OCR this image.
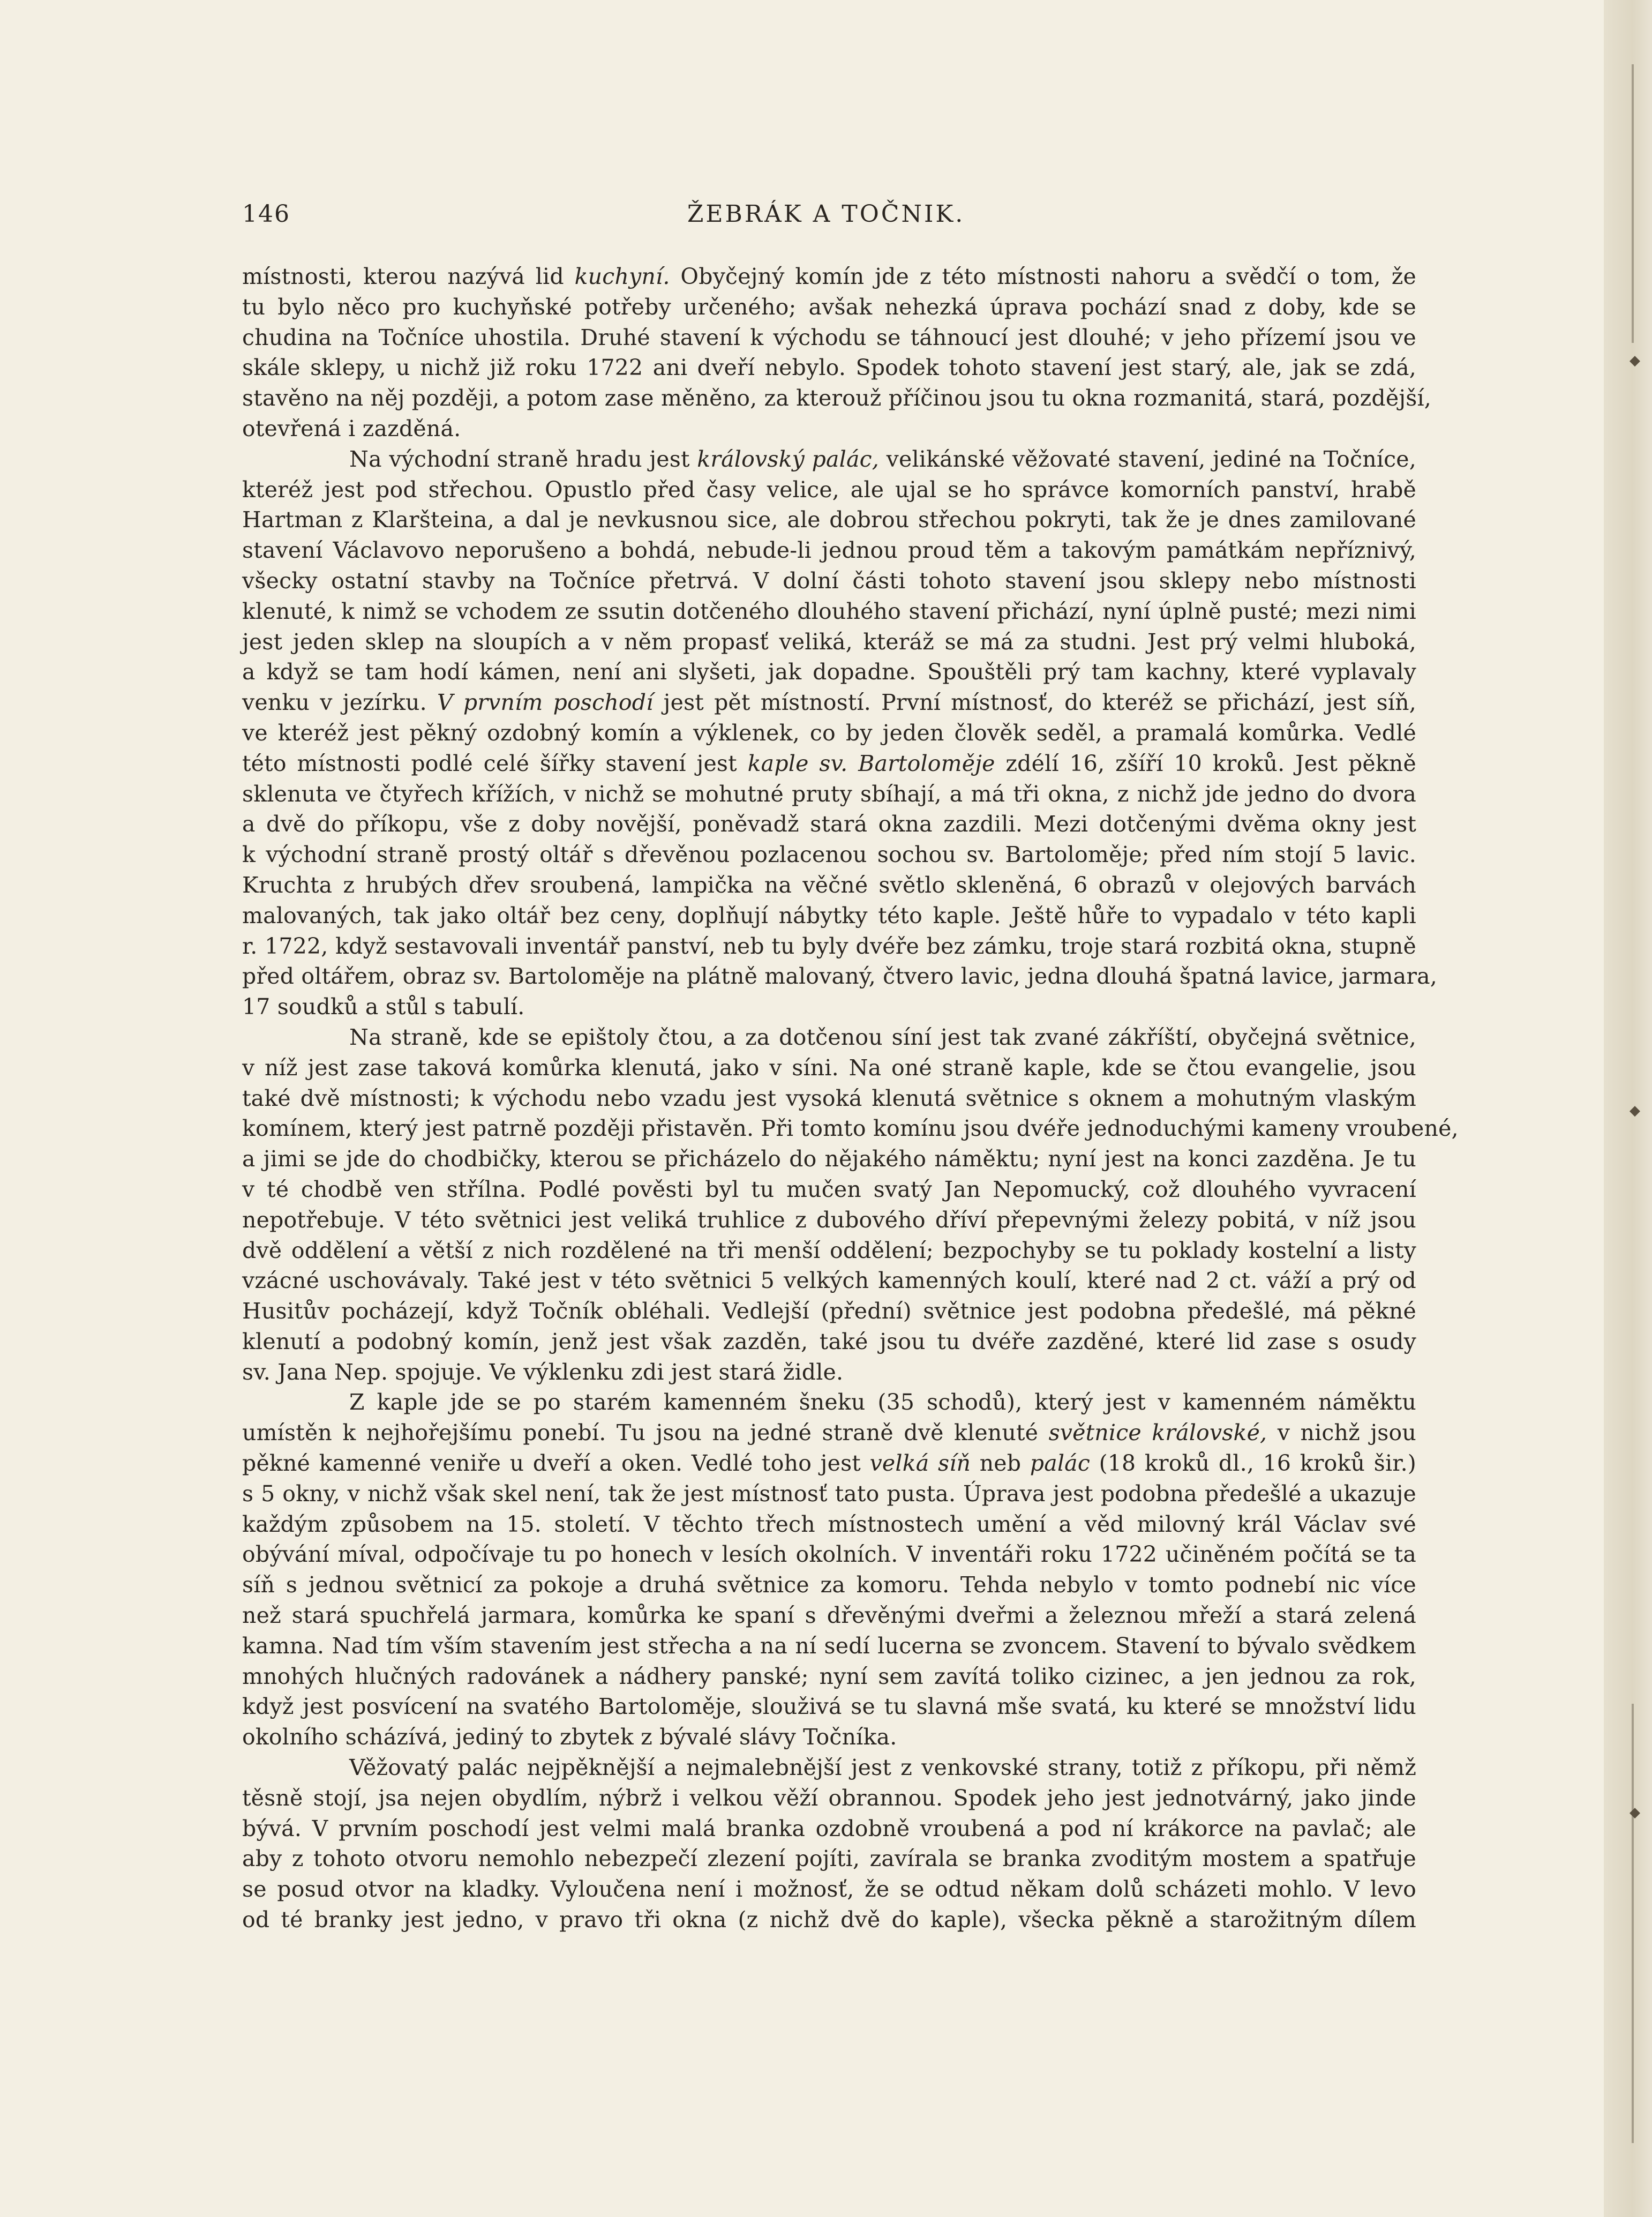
◆
◆
◆
146	ŽEBRÁK A TOČNIK.
místnosti, kterou nazývá lid kuchyní. Obyčejný komín jde z této místnosti nahoru a svědčí o tom, že
tu bylo něco pro kuchyňské potřeby určeného; avšak nehezká úprava pochází snad z doby, kde se
chudina na Točníce uhostila. Druhé stavení k východu se táhnoucí jest dlouhé; v jeho přízemí jsou ve
skále sklepy, u nichž již roku 1722 ani dveří nebylo. Spodek tohoto stavení jest starý, ale, jak se zdá,
stavěno na něj později, a potom zase měněno, za kterouž příčinou jsou tu okna rozmanitá, stará, pozdější,
otevřená i zazděná.
Na východní straně hradu jest královský palác, velikánské věžovaté stavení, jediné na Točníce,
kteréž jest pod střechou. Opustlo před časy velice, ale ujal se ho správce komorních panství, hrabě
Hartman z Klaršteina, a dal je nevkusnou sice, ale dobrou střechou pokryti, tak že je dnes zamilované
stavení Václavovo neporušeno a bohdá, nebude-li jednou proud těm a takovým památkám nepříznivý,
všecky ostatní stavby na Točníce přetrvá. V dolní části tohoto stavení jsou sklepy nebo místnosti
klenuté, k nimž se vchodem ze ssutin dotčeného dlouhého stavení přichází, nyní úplně pusté; mezi nimi
jest jeden sklep na sloupích a v něm propasť veliká, kteráž se má za studni. Jest prý velmi hluboká,
a když se tam hodí kámen, není ani slyšeti, jak dopadne. Spouštěli prý tam kachny, které vyplavaly
venku v jezírku. V prvním poschodí jest pět místností. První místnosť, do kteréž se přichází, jest síň,
ve kteréž jest pěkný ozdobný komín a výklenek, co by jeden člověk seděl, a pramalá komůrka. Vedlé
této místnosti podlé celé šířky stavení jest kaple sv. Bartoloměje zdélí 16, zšíří 10 kroků. Jest pěkně
sklenuta ve čtyřech křížích, v nichž se mohutné pruty sbíhají, a má tři okna, z nichž jde jedno do dvora
a dvě do příkopu, vše z doby novější, poněvadž stará okna zazdili. Mezi dotčenými dvěma okny jest
k východní straně prostý oltář s dřevěnou pozlacenou sochou sv. Bartoloměje; před ním stojí 5 lavic.
Kruchta z hrubých dřev sroubená, lampička na věčné světlo skleněná, 6 obrazů v olejových barvách
malovaných, tak jako oltář bez ceny, doplňují nábytky této kaple. Ještě hůře to vypadalo v této kapli
r. 1722, když sestavovali inventář panství, neb tu byly dvéře bez zámku, troje stará rozbitá okna, stupně
před oltářem, obraz sv. Bartoloměje na plátně malovaný, čtvero lavic, jedna dlouhá špatná lavice, jarmara,
17 soudků a stůl s tabulí.
Na straně, kde se epištoly čtou, a za dotčenou síní jest tak zvané zákříští, obyčejná světnice,
v níž jest zase taková komůrka klenutá, jako v síni. Na oné straně kaple, kde se čtou evangelie, jsou
také dvě místnosti; k východu nebo vzadu jest vysoká klenutá světnice s oknem a mohutným vlaským
komínem, který jest patrně později přistavěn. Při tomto komínu jsou dvéře jednoduchými kameny vroubené,
a jimi se jde do chodbičky, kterou se přicházelo do nějakého náměktu; nyní jest na konci zazděna. Je tu
v té chodbě ven střílna. Podlé pověsti byl tu mučen svatý Jan Nepomucký, což dlouhého vyvracení
nepotřebuje. V této světnici jest veliká truhlice z dubového dříví přepevnými železy pobitá, v níž jsou
dvě oddělení a větší z nich rozdělené na tři menší oddělení; bezpochyby se tu poklady kostelní a listy
vzácné uschovávaly. Také jest v této světnici 5 velkých kamenných koulí, které nad 2 ct. váží a prý od
Husitův pocházejí, když Točník obléhali. Vedlejší (přední) světnice jest podobna předešlé, má pěkné
klenutí a podobný komín, jenž jest však zazděn, také jsou tu dvéře zazděné, které lid zase s osudy
sv. Jana Nep. spojuje. Ve výklenku zdi jest stará židle.
Z kaple jde se po starém kamenném šneku (35 schodů), který jest v kamenném náměktu
umístěn k nejhořejšímu ponebí. Tu jsou na jedné straně dvě klenuté světnice královské, v nichž jsou
pěkné kamenné veniře u dveří a oken. Vedlé toho jest velká síň neb palác (18 kroků dl., 16 kroků šir.)
s 5 okny, v nichž však skel není, tak že jest místnosť tato pusta. Úprava jest podobna předešlé a ukazuje
každým způsobem na 15. století. V těchto třech místnostech umění a věd milovný král Václav své
obývání míval, odpočívaje tu po honech v lesích okolních. V inventáři roku 1722 učiněném počítá se ta
síň s jednou světnicí za pokoje a druhá světnice za komoru. Tehda nebylo v tomto podnebí nic více
než stará spuchřelá jarmara, komůrka ke spaní s dřevěnými dveřmi a železnou mřeží a stará zelená
kamna. Nad tím vším stavením jest střecha a na ní sedí lucerna se zvoncem. Stavení to bývalo svědkem
mnohých hlučných radovánek a nádhery panské; nyní sem zavítá toliko cizinec, a jen jednou za rok,
když jest posvícení na svatého Bartoloměje, slouživá se tu slavná mše svatá, ku které se množství lidu
okolního scházívá, jediný to zbytek z bývalé slávy Točníka.
Věžovatý palác nejpěknější a nejmalebnější jest z venkovské strany, totiž z příkopu, při němž
těsně stojí, jsa nejen obydlím, nýbrž i velkou věží obrannou. Spodek jeho jest jednotvárný, jako jinde
bývá. V prvním poschodí jest velmi malá branka ozdobně vroubená a pod ní krákorce na pavlač; ale
aby z tohoto otvoru nemohlo nebezpečí zlezení pojíti, zavírala se branka zvoditým mostem a spatřuje
se posud otvor na kladky. Vyloučena není i možnosť, že se odtud někam dolů scházeti mohlo. V levo
od té branky jest jedno, v pravo tři okna (z nichž dvě do kaple), všecka pěkně a starožitným dílem
